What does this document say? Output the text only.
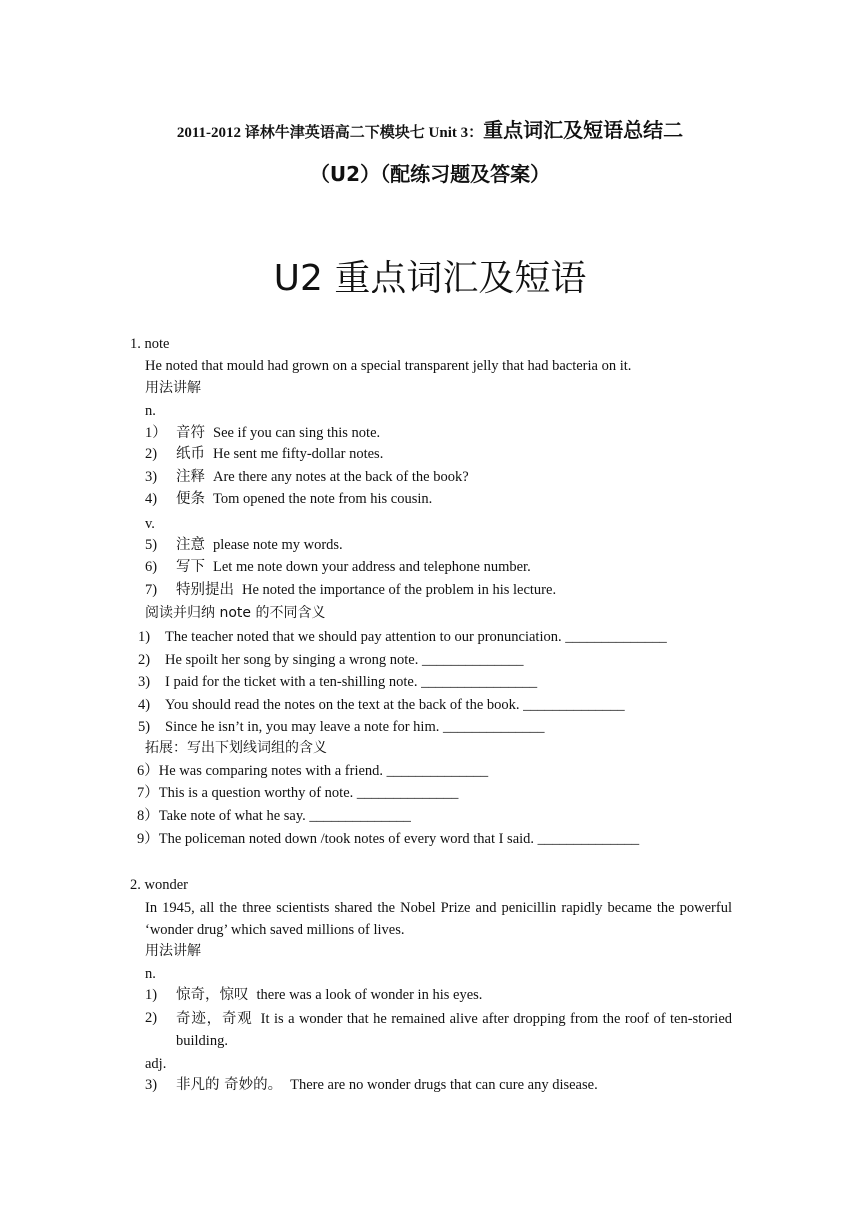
2011-2012 译林牛津英语高二下模块七 Unit 3：重点词汇及短语总结二
（U2）（配练习题及答案）
U2 重点词汇及短语
1. note
He noted that mould had grown on a special transparent jelly that had bacteria on it.
用法讲解
n.
1） 音符 See if you can sing this note.
2) 纸币 He sent me fifty-dollar notes.
3) 注释 Are there any notes at the back of the book?
4) 便条 Tom opened the note from his cousin.
v.
5) 注意 please note my words.
6) 写下 Let me note down your address and telephone number.
7) 特别提出 He noted the importance of the problem in his lecture.
阅读并归纳 note 的不同含义
1) The teacher noted that we should pay attention to our pronunciation. ______________
2) He spoilt her song by singing a wrong note. ______________
3) I paid for the ticket with a ten-shilling note. ________________
4) You should read the notes on the text at the back of the book. ______________
5) Since he isn’t in, you may leave a note for him. ______________
拓展：写出下划线词组的含义
6）He was comparing notes with a friend. ______________
7）This is a question worthy of note. ______________
8）Take note of what he say. ______________
9）The policeman noted down /took notes of every word that I said. ______________
2. wonder
In 1945, all the three scientists shared the Nobel Prize and penicillin rapidly became the powerful ‘wonder drug’ which saved millions of lives.
用法讲解
n.
1) 惊奇，惊叹 there was a look of wonder in his eyes.
2) 奇迹，奇观 It is a wonder that he remained alive after dropping from the roof of ten-storied building.
adj.
3) 非凡的 奇妙的。 There are no wonder drugs that can cure any disease.
